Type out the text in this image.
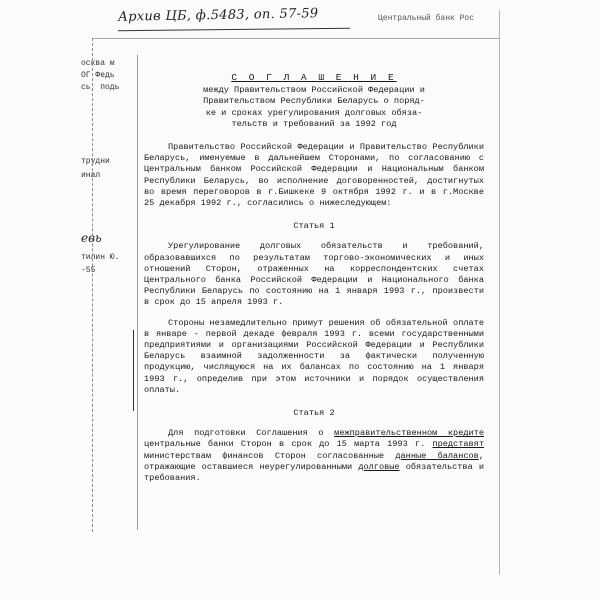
Архив ЦБ, ф.5483, оп. 57-59	Центральный банк Рос
осква м
ОГ Федь
сь, подь
трудни
инал
евь
тилин Ю.
-55
С О Г Л А Ш Е Н И Е
между Правительством Российской Федерации и
Правительством Республики Беларусь о поряд-
ке и сроках урегулирования долговых обяза-
тельств и требований за 1992 год

Правительство Российской Федерации и Правительство Республики Беларусь, именуемые в дальнейшем Сторонами, по согласованию с Центральным банком Российской Федерации и Национальным банком Республики Беларусь, во исполнение договоренностей, достигнутых во время переговоров в г.Бишкеке 9 октября 1992 г. и в г.Москве 25 декабря 1992 г., согласились о нижеследующем:

Статья 1

Урегулирование долговых обязательств и требований, образовавшихся по результатам торгово-экономических и иных отношений Сторон, отраженных на корреспондентских счетах Центрального банка Российской Федерации и Национального банка Республики Беларусь по состоянию на 1 января 1993 г., произвести в срок до 15 апреля 1993 г.

Стороны незамедлительно примут решения об обязательной оплате в январе - первой декаде февраля 1993 г. всеми государственными предприятиями и организациями Российской Федерации и Республики Беларусь взаимной задолженности за фактически полученную продукцию, числящуюся на их балансах по состоянию на 1 января 1993 г., определив при этом источники и порядок осуществления оплаты.

Статья 2

Для подготовки Соглашения о межправительственном кредите центральные банки Сторон в срок до 15 марта 1993 г. представят министерствам финансов Сторон согласованные данные балансов, отражающие оставшиеся неурегулированными долговые обязательства и требования.
